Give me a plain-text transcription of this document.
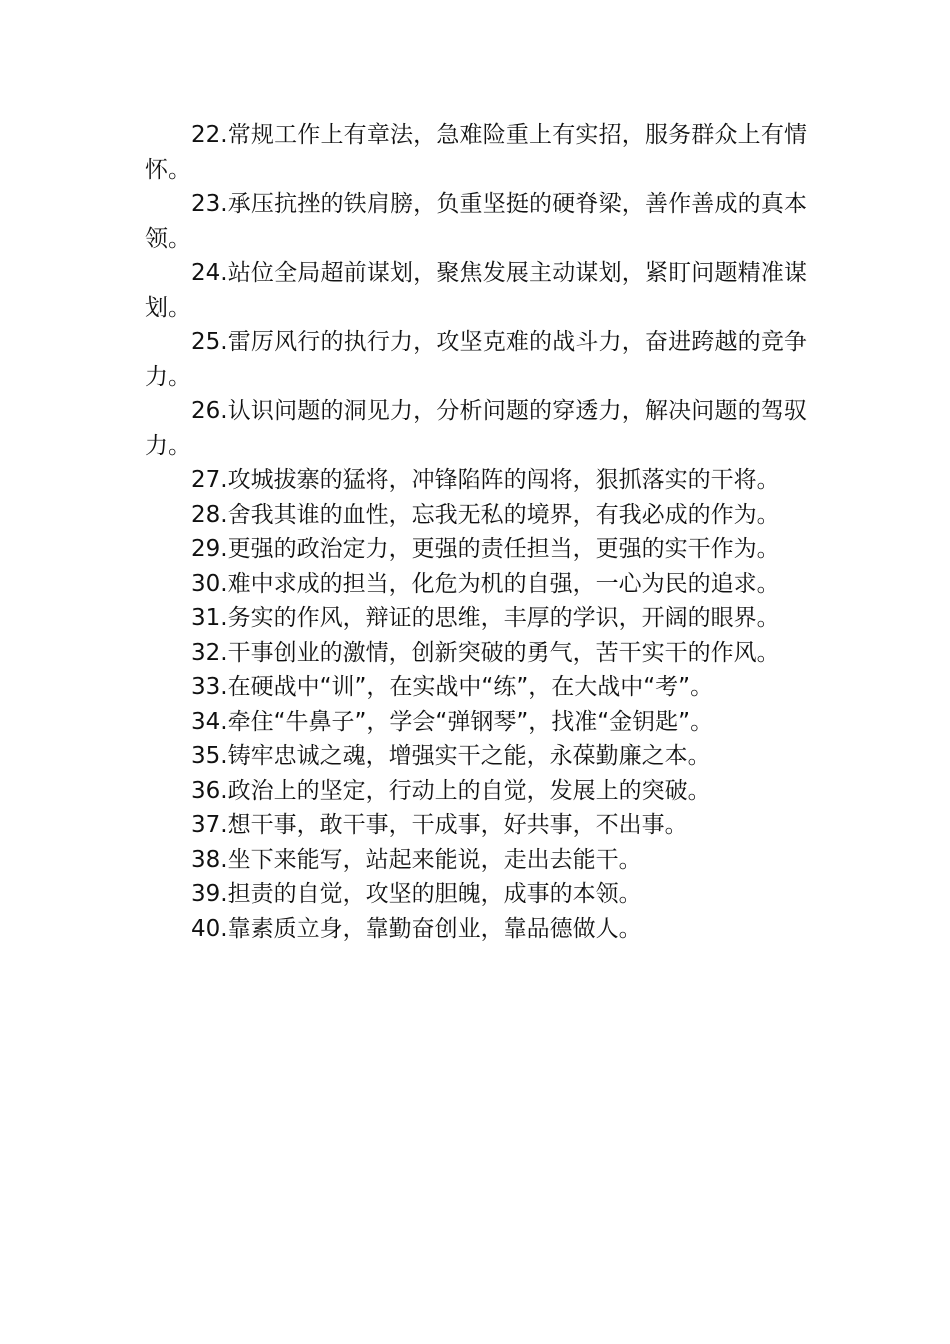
22.常规工作上有章法，急难险重上有实招，服务群众上有情怀。

23.承压抗挫的铁肩膀，负重坚挺的硬脊梁，善作善成的真本领。

24.站位全局超前谋划，聚焦发展主动谋划，紧盯问题精准谋划。

25.雷厉风行的执行力，攻坚克难的战斗力，奋进跨越的竞争力。

26.认识问题的洞见力，分析问题的穿透力，解决问题的驾驭力。

27.攻城拔寨的猛将，冲锋陷阵的闯将，狠抓落实的干将。

28.舍我其谁的血性，忘我无私的境界，有我必成的作为。

29.更强的政治定力，更强的责任担当，更强的实干作为。

30.难中求成的担当，化危为机的自强，一心为民的追求。

31.务实的作风，辩证的思维，丰厚的学识，开阔的眼界。

32.干事创业的激情，创新突破的勇气，苦干实干的作风。

33.在硬战中“训”，在实战中“练”，在大战中“考”。

34.牵住“牛鼻子”，学会“弹钢琴”，找准“金钥匙”。

35.铸牢忠诚之魂，增强实干之能，永葆勤廉之本。

36.政治上的坚定，行动上的自觉，发展上的突破。

37.想干事，敢干事，干成事，好共事，不出事。

38.坐下来能写，站起来能说，走出去能干。

39.担责的自觉，攻坚的胆魄，成事的本领。

40.靠素质立身，靠勤奋创业，靠品德做人。
